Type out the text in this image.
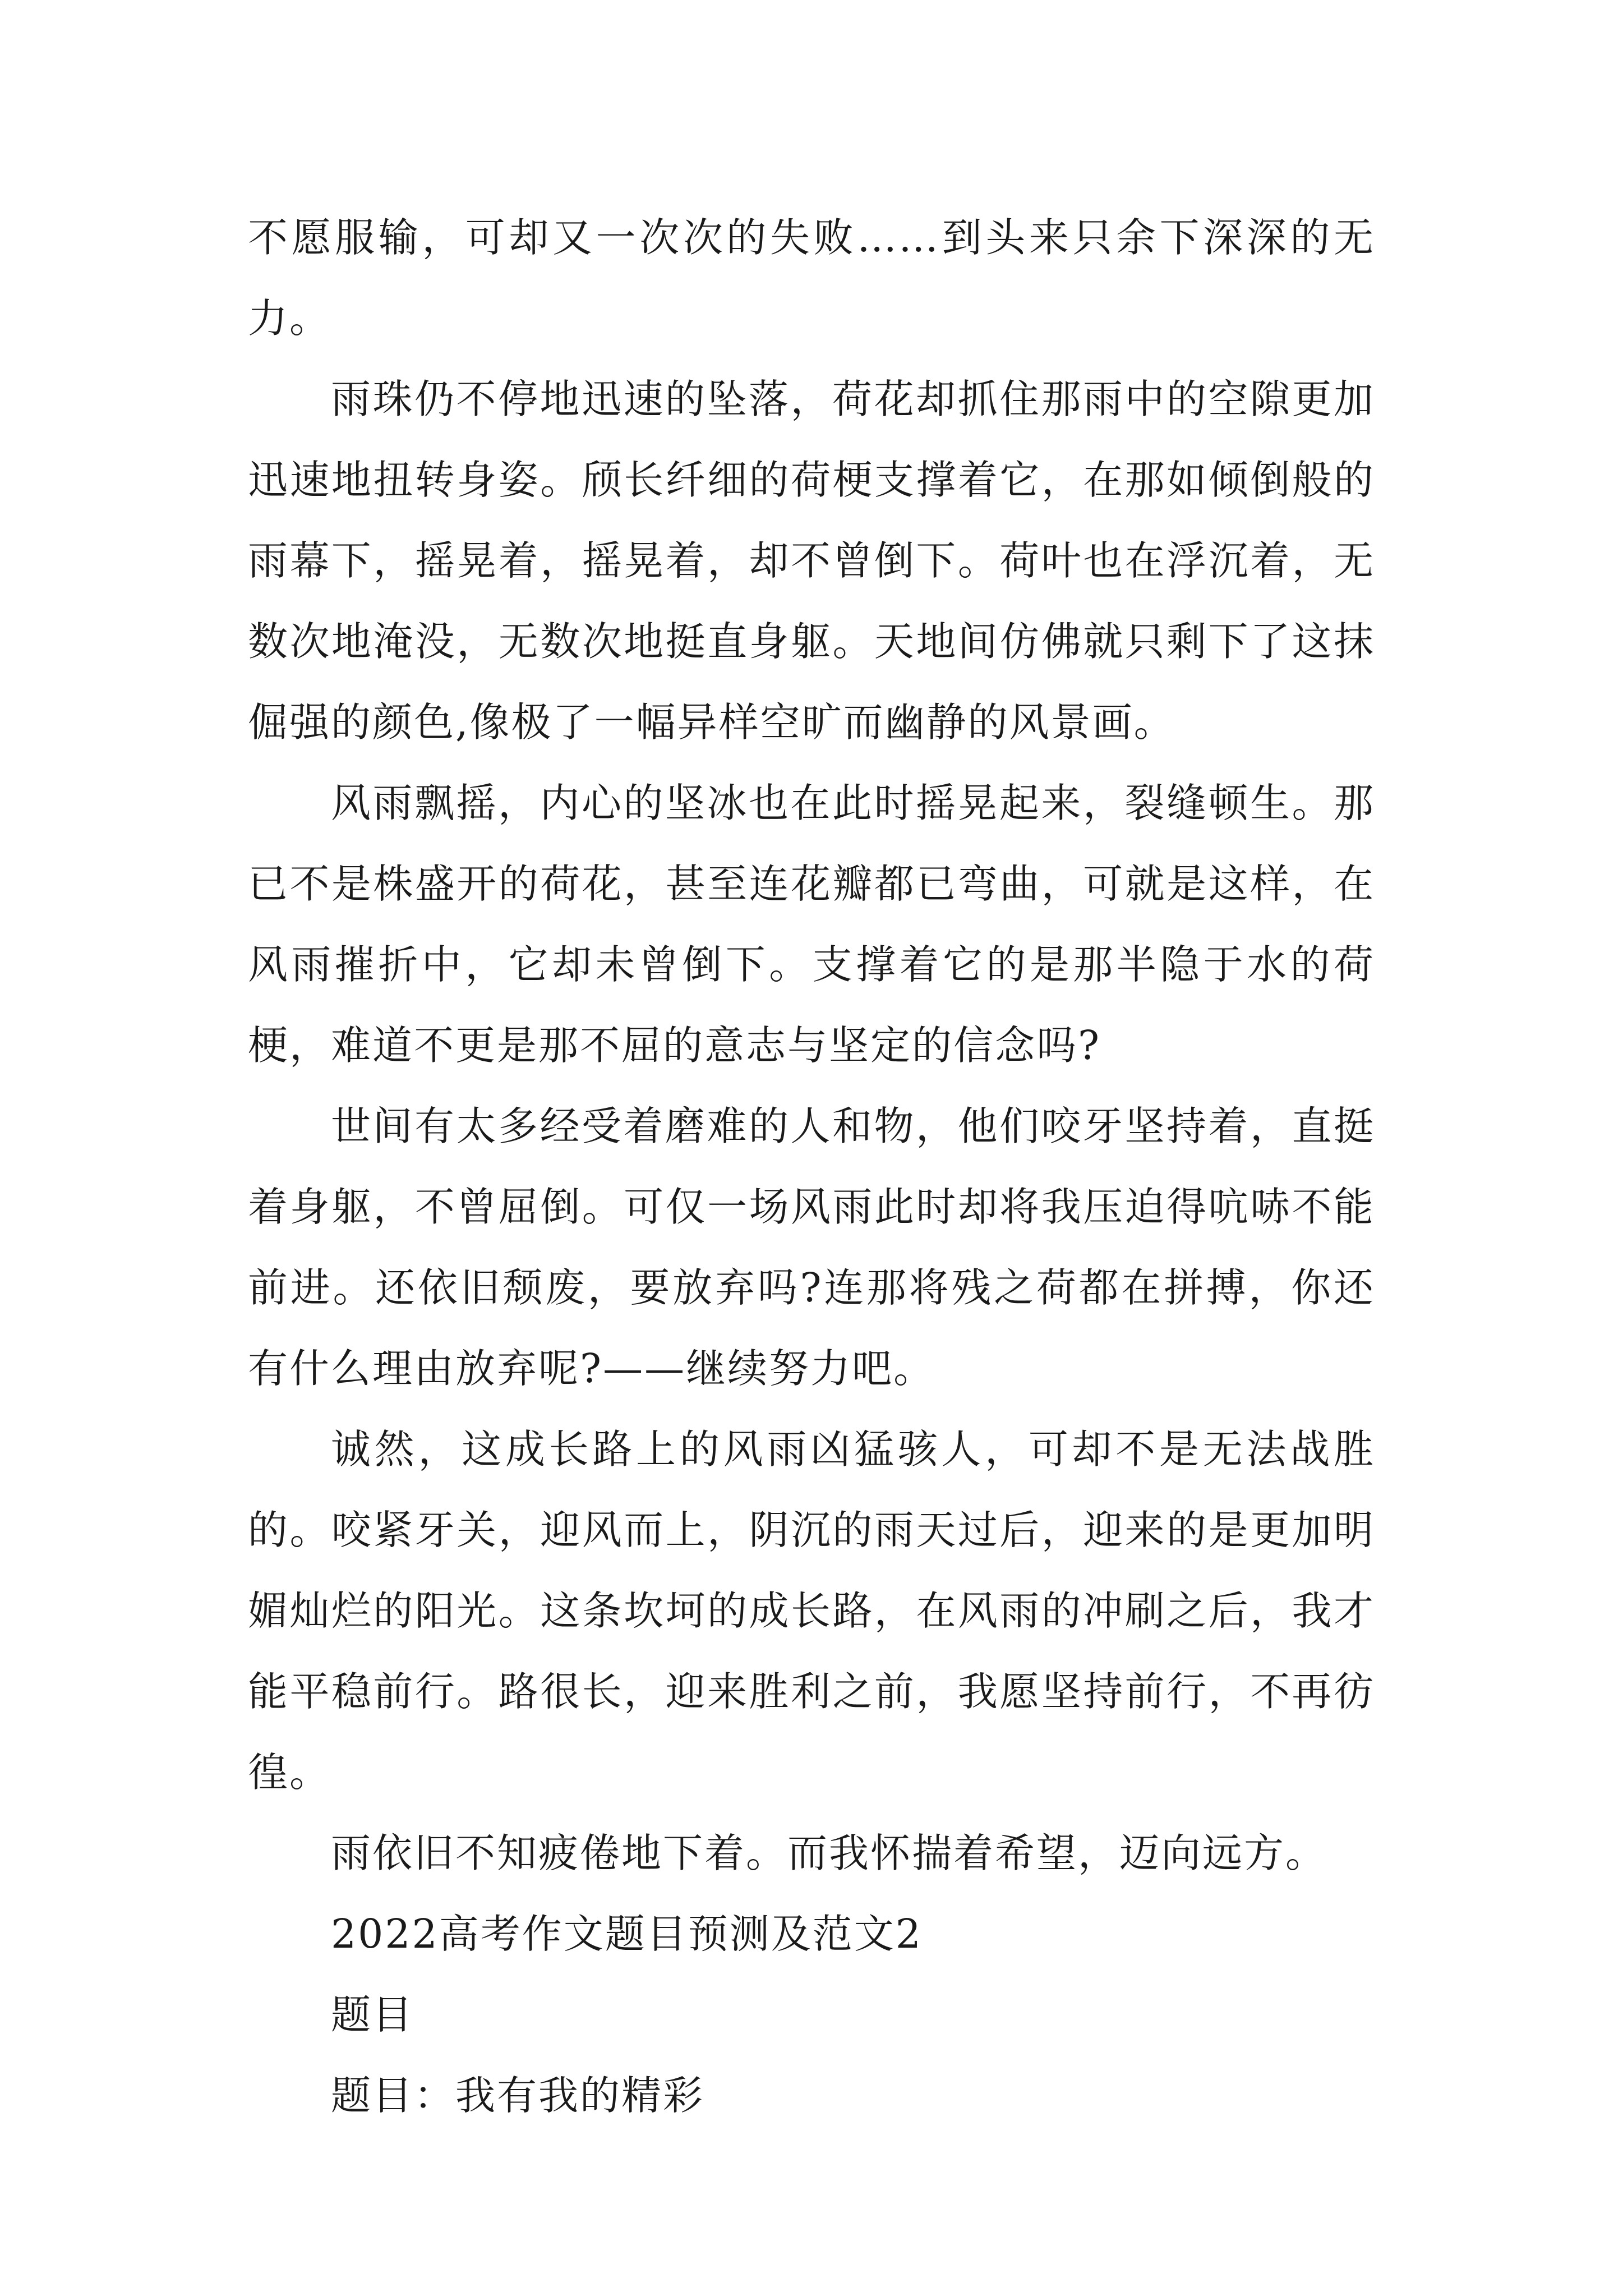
不愿服输，可却又一次次的失败……到头来只余下深深的无力。

雨珠仍不停地迅速的坠落，荷花却抓住那雨中的空隙更加迅速地扭转身姿。颀长纤细的荷梗支撑着它，在那如倾倒般的雨幕下，摇晃着，摇晃着，却不曾倒下。荷叶也在浮沉着，无数次地淹没，无数次地挺直身躯。天地间仿佛就只剩下了这抹倔强的颜色,像极了一幅异样空旷而幽静的风景画。

风雨飘摇，内心的坚冰也在此时摇晃起来，裂缝顿生。那已不是株盛开的荷花，甚至连花瓣都已弯曲，可就是这样，在风雨摧折中，它却未曾倒下。支撑着它的是那半隐于水的荷梗，难道不更是那不屈的意志与坚定的信念吗?

世间有太多经受着磨难的人和物，他们咬牙坚持着，直挺着身躯，不曾屈倒。可仅一场风雨此时却将我压迫得吭哧不能前进。还依旧颓废，要放弃吗?连那将残之荷都在拼搏，你还有什么理由放弃呢?——继续努力吧。

诚然，这成长路上的风雨凶猛骇人，可却不是无法战胜的。咬紧牙关，迎风而上，阴沉的雨天过后，迎来的是更加明媚灿烂的阳光。这条坎坷的成长路，在风雨的冲刷之后，我才能平稳前行。路很长，迎来胜利之前，我愿坚持前行，不再彷徨。

雨依旧不知疲倦地下着。而我怀揣着希望，迈向远方。

2022高考作文题目预测及范文2

题目

题目：我有我的精彩
